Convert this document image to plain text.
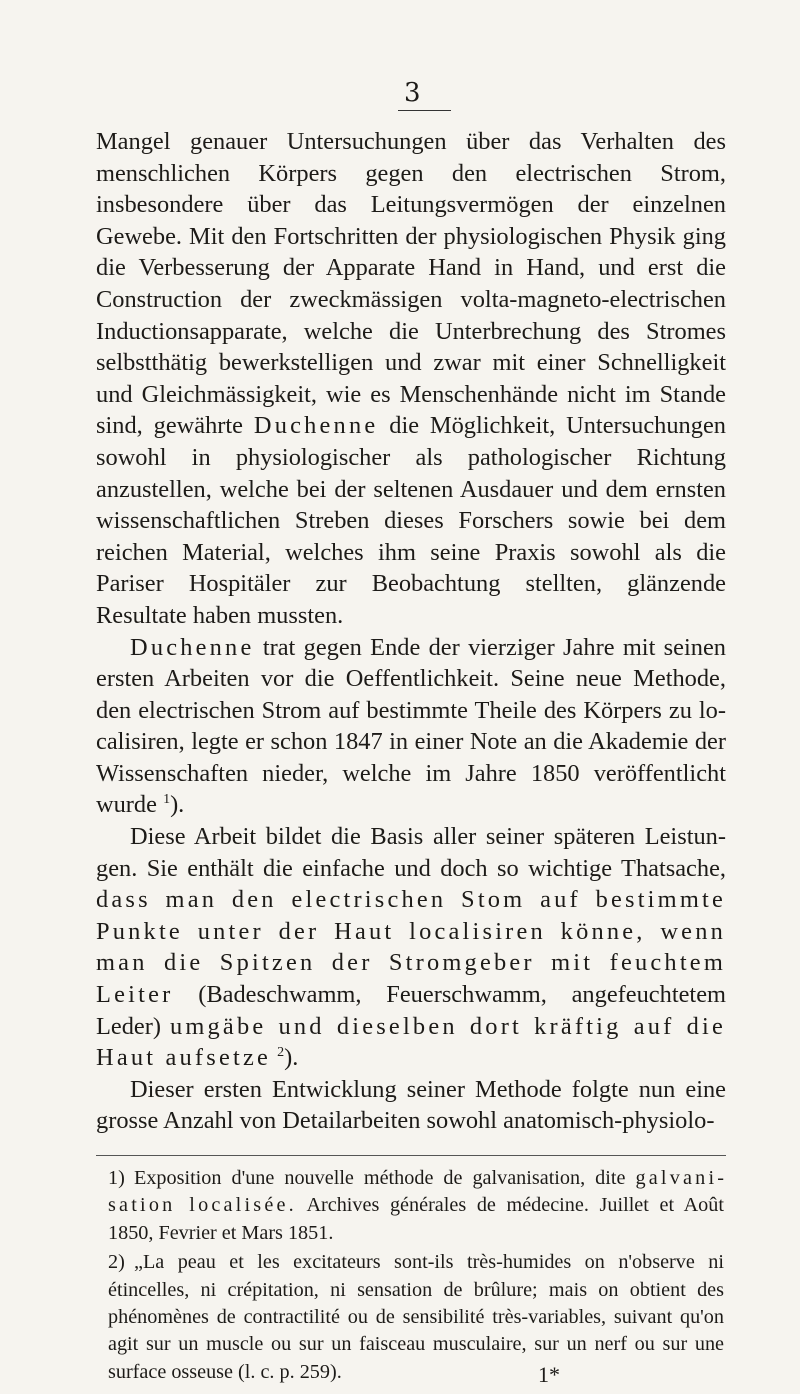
3

Mangel genauer Untersuchungen über das Verhalten des menschlichen Körpers gegen den electrischen Strom, insbesondere über das Leitungsvermögen der einzelnen Gewebe. Mit den Fortschritten der physiologischen Physik ging die Verbesserung der Apparate Hand in Hand, und erst die Construction der zweckmässigen volta-magneto-electrischen Inductionsapparate, welche die Unterbrechung des Stromes selbstthätig bewerkstelligen und zwar mit einer Schnelligkeit und Gleichmässigkeit, wie es Menschenhände nicht im Stande sind, gewährte Duchenne die Möglichkeit, Untersuchungen sowohl in physiologischer als pathologischer Richtung anzustellen, welche bei der seltenen Ausdauer und dem ernsten wissenschaftlichen Streben dieses Forschers sowie bei dem reichen Material, welches ihm seine Praxis sowohl als die Pariser Hospitäler zur Beobachtung stellten, glänzende Resultate haben mussten.

Duchenne trat gegen Ende der vierziger Jahre mit seinen ersten Arbeiten vor die Oeffentlichkeit. Seine neue Methode, den electrischen Strom auf bestimmte Theile des Körpers zu localisiren, legte er schon 1847 in einer Note an die Akademie der Wissenschaften nieder, welche im Jahre 1850 veröffentlicht wurde $^1$).

Diese Arbeit bildet die Basis aller seiner späteren Leistungen. Sie enthält die einfache und doch so wichtige Thatsache, dass man den electrischen Stom auf bestimmte Punkte unter der Haut localisiren könne, wenn man die Spitzen der Stromgeber mit feuchtem Leiter (Badeschwamm, Feuerschwamm, angefeuchtetem Leder) umgäbe und dieselben dort kräftig auf die Haut aufsetze $^2$).

Dieser ersten Entwicklung seiner Methode folgte nun eine grosse Anzahl von Detailarbeiten sowohl anatomisch-physiolo-

1) Exposition d'une nouvelle méthode de galvanisation, dite galvanisation localisée. Archives générales de médecine. Juillet et Août 1850, Fevrier et Mars 1851.

2) „La peau et les excitateurs sont-ils très-humides on n'observe ni étincelles, ni crépitation, ni sensation de brûlure; mais on obtient des phénomènes de contractilité ou de sensibilité très-variables, suivant qu'on agit sur un muscle ou sur un faisceau musculaire, sur un nerf ou sur une surface osseuse (l. c. p. 259).	1*
